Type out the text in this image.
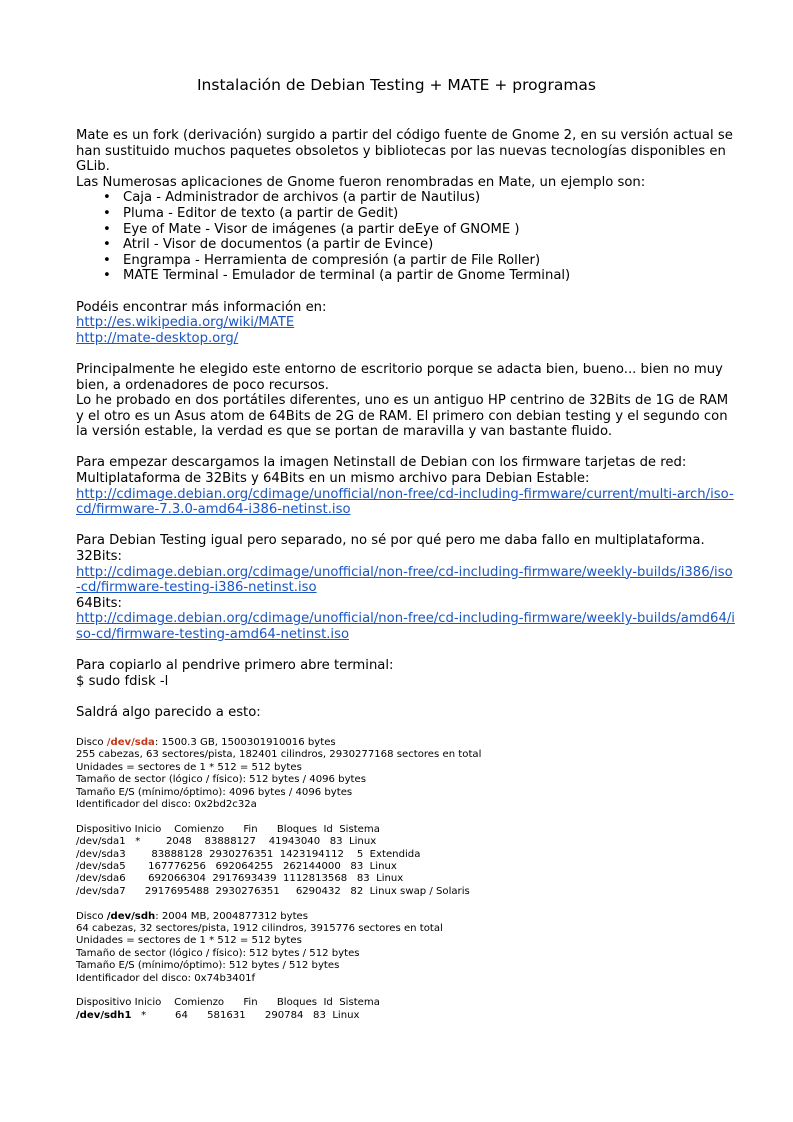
Instalación de Debian Testing + MATE + programas

Mate es un fork (derivación) surgido a partir del código fuente de Gnome 2, en su versión actual se han sustituido muchos paquetes obsoletos y bibliotecas por las nuevas tecnologías disponibles en GLib.

Las Numerosas aplicaciones de Gnome fueron renombradas en Mate, un ejemplo son:

• Caja - Administrador de archivos (a partir de Nautilus)
• Pluma - Editor de texto (a partir de Gedit)
• Eye of Mate - Visor de imágenes (a partir deEye of GNOME )
• Atril - Visor de documentos (a partir de Evince)
• Engrampa - Herramienta de compresión (a partir de File Roller)
• MATE Terminal - Emulador de terminal (a partir de Gnome Terminal)

Podéis encontrar más información en:

http://es.wikipedia.org/wiki/MATE

http://mate-desktop.org/

Principalmente he elegido este entorno de escritorio porque se adacta bien, bueno... bien no muy bien, a ordenadores de poco recursos.

Lo he probado en dos portátiles diferentes, uno es un antiguo HP centrino de 32Bits de 1G de RAM y el otro es un Asus atom de 64Bits de 2G de RAM. El primero con debian testing y el segundo con la versión estable, la verdad es que se portan de maravilla y van bastante fluido.

Para empezar descargamos la imagen Netinstall de Debian con los firmware tarjetas de red:

Multiplataforma de 32Bits y 64Bits en un mismo archivo para Debian Estable:

http://cdimage.debian.org/cdimage/unofficial/non-free/cd-including-firmware/current/multi-arch/iso-cd/firmware-7.3.0-amd64-i386-netinst.iso

Para Debian Testing igual pero separado, no sé por qué pero me daba fallo en multiplataforma.

32Bits:

http://cdimage.debian.org/cdimage/unofficial/non-free/cd-including-firmware/weekly-builds/i386/iso-cd/firmware-testing-i386-netinst.iso

64Bits:

http://cdimage.debian.org/cdimage/unofficial/non-free/cd-including-firmware/weekly-builds/amd64/iso-cd/firmware-testing-amd64-netinst.iso

Para copiarlo al pendrive primero abre terminal:

$ sudo fdisk -l

Saldrá algo parecido a esto:

Disco /dev/sda: 1500.3 GB, 1500301910016 bytes

255 cabezas, 63 sectores/pista, 182401 cilindros, 2930277168 sectores en total

Unidades = sectores de 1 * 512 = 512 bytes

Tamaño de sector (lógico / físico): 512 bytes / 4096 bytes

Tamaño E/S (mínimo/óptimo): 4096 bytes / 4096 bytes

Identificador del disco: 0x2bd2c32a

Dispositivo Inicio    Comienzo      Fin      Bloques  Id  Sistema

/dev/sda1   *        2048    83888127    41943040   83  Linux

/dev/sda3        83888128  2930276351  1423194112    5  Extendida

/dev/sda5       167776256   692064255   262144000   83  Linux

/dev/sda6       692066304  2917693439  1112813568   83  Linux

/dev/sda7      2917695488  2930276351     6290432   82  Linux swap / Solaris

Disco /dev/sdh: 2004 MB, 2004877312 bytes

64 cabezas, 32 sectores/pista, 1912 cilindros, 3915776 sectores en total

Unidades = sectores de 1 * 512 = 512 bytes

Tamaño de sector (lógico / físico): 512 bytes / 512 bytes

Tamaño E/S (mínimo/óptimo): 512 bytes / 512 bytes

Identificador del disco: 0x74b3401f

Dispositivo Inicio    Comienzo      Fin      Bloques  Id  Sistema

/dev/sdh1   *         64      581631      290784   83  Linux
